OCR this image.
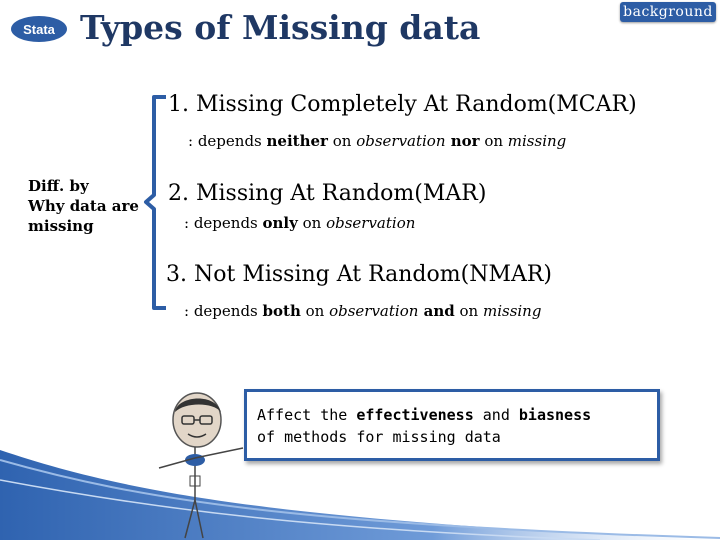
Stata Types of Missing data	background
Diff. by
Why data are
missing
1. Missing Completely At Random(MCAR)
: depends neither on observation nor on missing
2. Missing At Random(MAR)
: depends only on observation
3. Not Missing At Random(NMAR)
: depends both on observation and on missing
Affect the effectiveness and biasness
of methods for missing data
